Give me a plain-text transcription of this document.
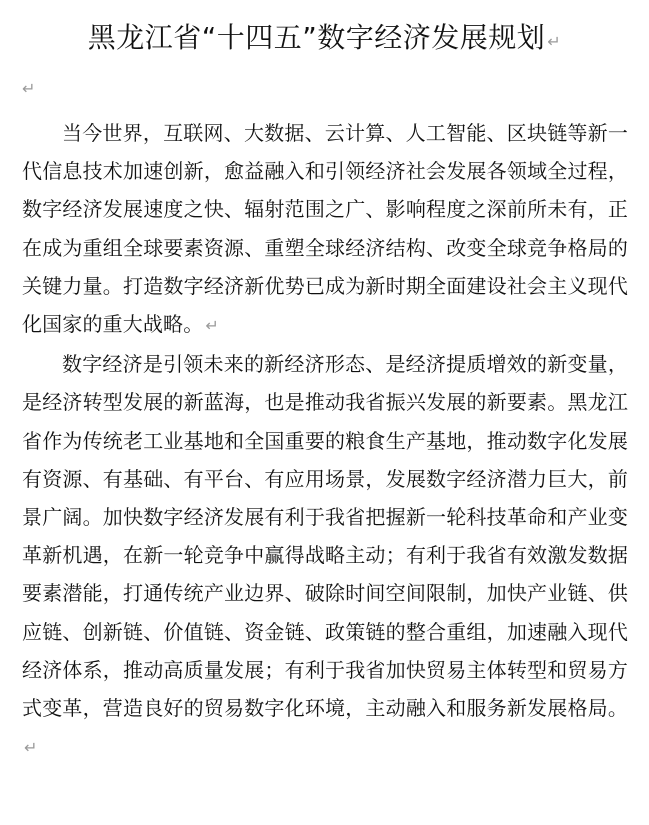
黑龙江省“十四五”数字经济发展规划 ↵
↵

当今世界，互联网、大数据、云计算、人工智能、区块链等新一代信息技术加速创新，愈益融入和引领经济社会发展各领域全过程，数字经济发展速度之快、辐射范围之广、影响程度之深前所未有，正在成为重组全球要素资源、重塑全球经济结构、改变全球竞争格局的关键力量。打造数字经济新优势已成为新时期全面建设社会主义现代化国家的重大战略。 ↵

数字经济是引领未来的新经济形态、是经济提质增效的新变量，是经济转型发展的新蓝海，也是推动我省振兴发展的新要素。黑龙江省作为传统老工业基地和全国重要的粮食生产基地，推动数字化发展有资源、有基础、有平台、有应用场景，发展数字经济潜力巨大，前景广阔。加快数字经济发展有利于我省把握新一轮科技革命和产业变革新机遇，在新一轮竞争中赢得战略主动；有利于我省有效激发数据要素潜能，打通传统产业边界、破除时间空间限制，加快产业链、供应链、创新链、价值链、资金链、政策链的整合重组，加速融入现代经济体系，推动高质量发展；有利于我省加快贸易主体转型和贸易方式变革，营造良好的贸易数字化环境，主动融入和服务新发展格局。↵
